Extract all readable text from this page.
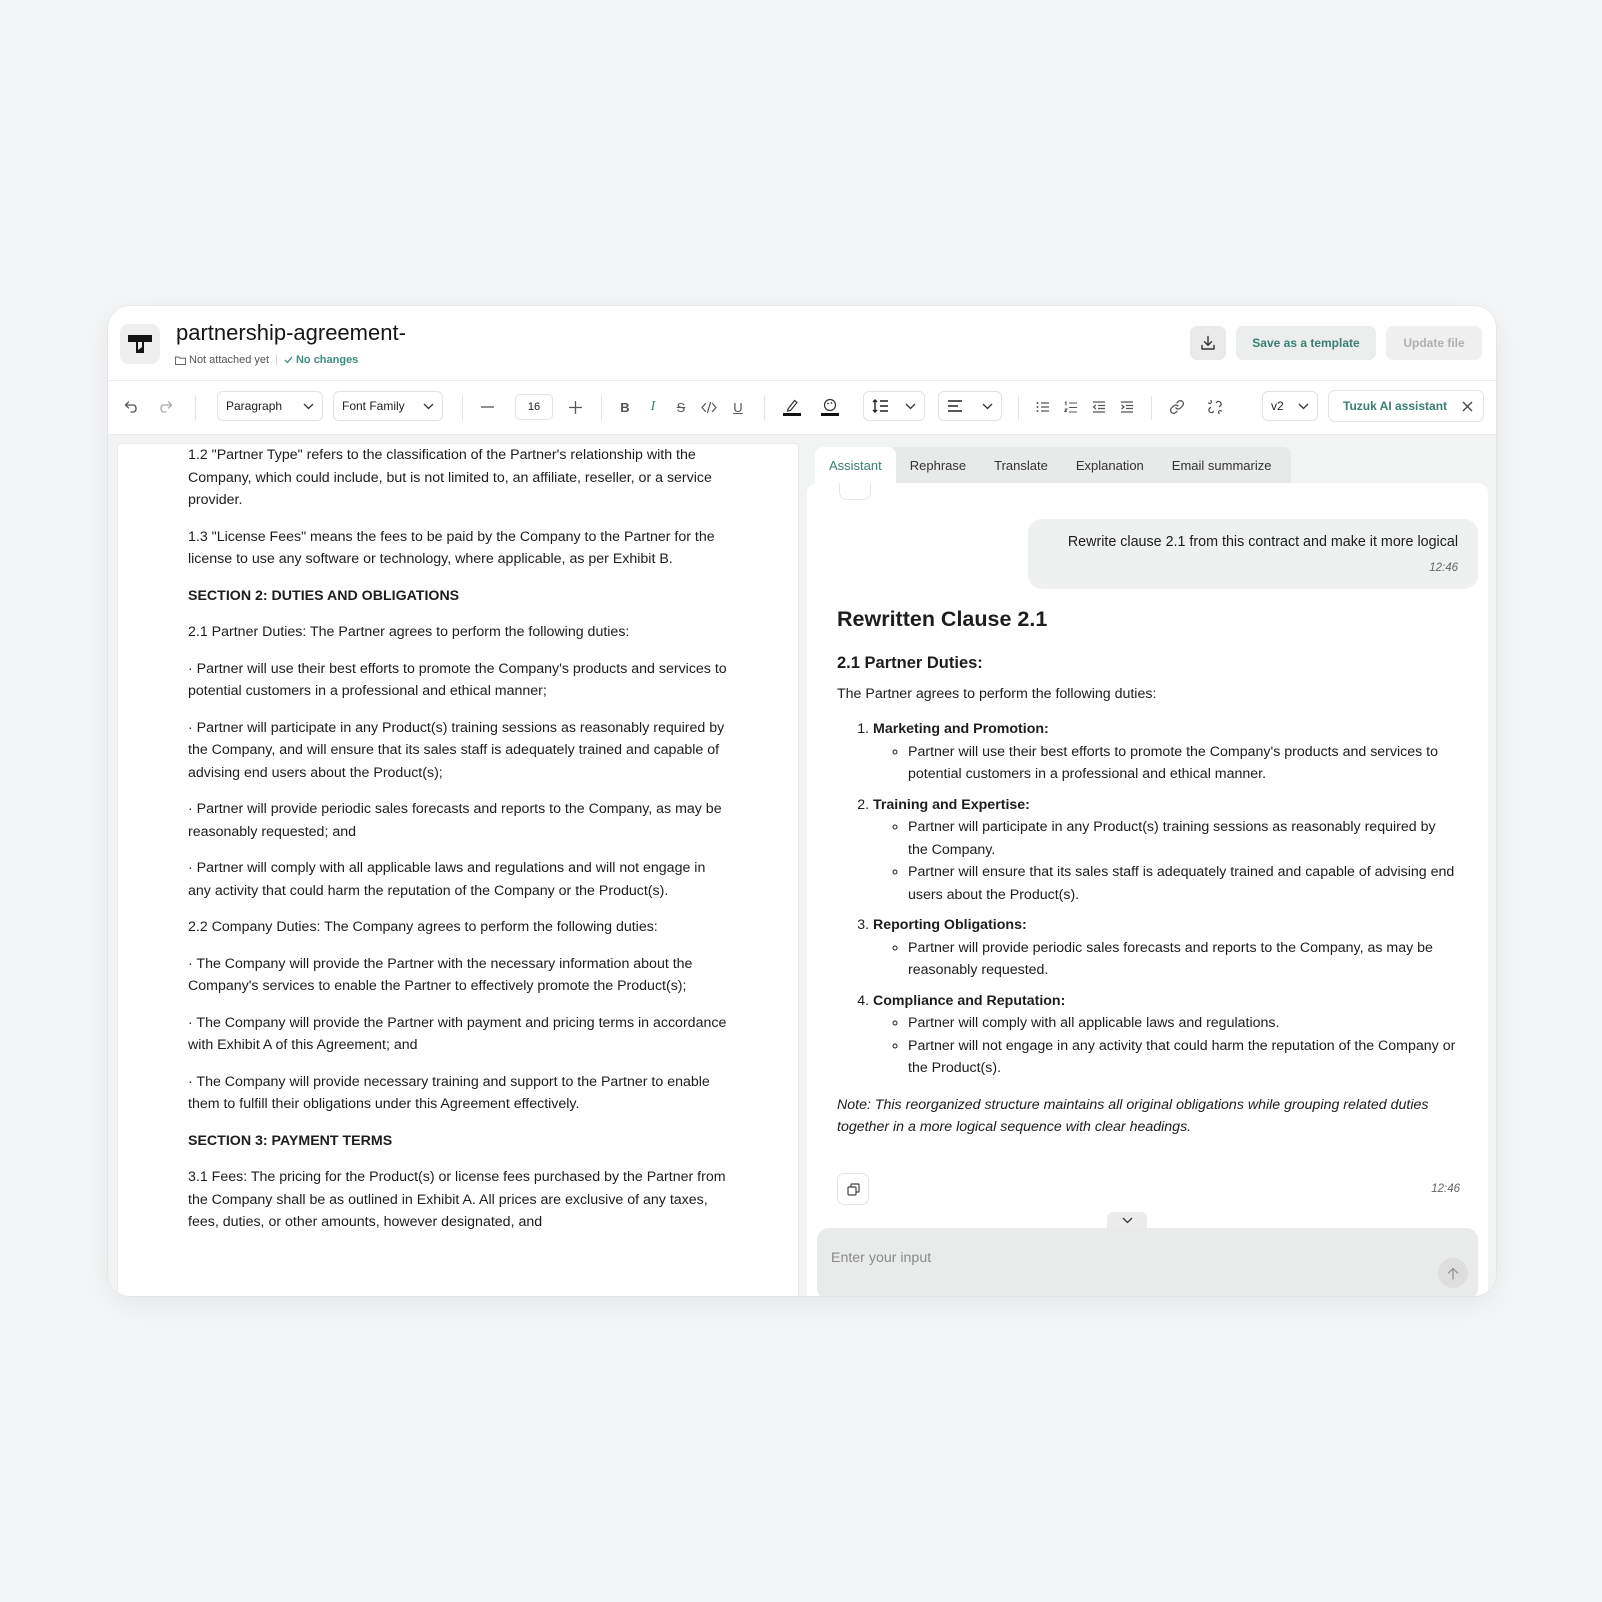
partnership-agreement-
Not attached yet | No changes
Save as a template	Update file
Paragraph	Font Family	16	B I S	U	v2	Tuzuk AI assistant

1.2 "Partner Type" refers to the classification of the Partner's relationship with the Company, which could include, but is not limited to, an affiliate, reseller, or a service provider.

1.3 "License Fees" means the fees to be paid by the Company to the Partner for the license to use any software or technology, where applicable, as per Exhibit B.

SECTION 2: DUTIES AND OBLIGATIONS

2.1 Partner Duties: The Partner agrees to perform the following duties:

· Partner will use their best efforts to promote the Company's products and services to potential customers in a professional and ethical manner;

· Partner will participate in any Product(s) training sessions as reasonably required by the Company, and will ensure that its sales staff is adequately trained and capable of advising end users about the Product(s);

· Partner will provide periodic sales forecasts and reports to the Company, as may be reasonably requested; and

· Partner will comply with all applicable laws and regulations and will not engage in any activity that could harm the reputation of the Company or the Product(s).

2.2 Company Duties: The Company agrees to perform the following duties:

· The Company will provide the Partner with the necessary information about the Company's services to enable the Partner to effectively promote the Product(s);

· The Company will provide the Partner with payment and pricing terms in accordance with Exhibit A of this Agreement; and

· The Company will provide necessary training and support to the Partner to enable them to fulfill their obligations under this Agreement effectively.

SECTION 3: PAYMENT TERMS

3.1 Fees: The pricing for the Product(s) or license fees purchased by the Partner from the Company shall be as outlined in Exhibit A. All prices are exclusive of any taxes, fees, duties, or other amounts, however designated, and

Assistant	Rephrase	Translate	Explanation	Email summarize
Rewrite clause 2.1 from this contract and make it more logical
12:46
Rewritten Clause 2.1
2.1 Partner Duties:
The Partner agrees to perform the following duties:
1. Marketing and Promotion:
◦ Partner will use their best efforts to promote the Company's products and services to potential customers in a professional and ethical manner.
2. Training and Expertise:
◦ Partner will participate in any Product(s) training sessions as reasonably required by the Company.
◦ Partner will ensure that its sales staff is adequately trained and capable of advising end users about the Product(s).
3. Reporting Obligations:
◦ Partner will provide periodic sales forecasts and reports to the Company, as may be reasonably requested.
4. Compliance and Reputation:
◦ Partner will comply with all applicable laws and regulations.
◦ Partner will not engage in any activity that could harm the reputation of the Company or the Product(s).
Note: This reorganized structure maintains all original obligations while grouping related duties together in a more logical sequence with clear headings.
12:46
Enter your input
